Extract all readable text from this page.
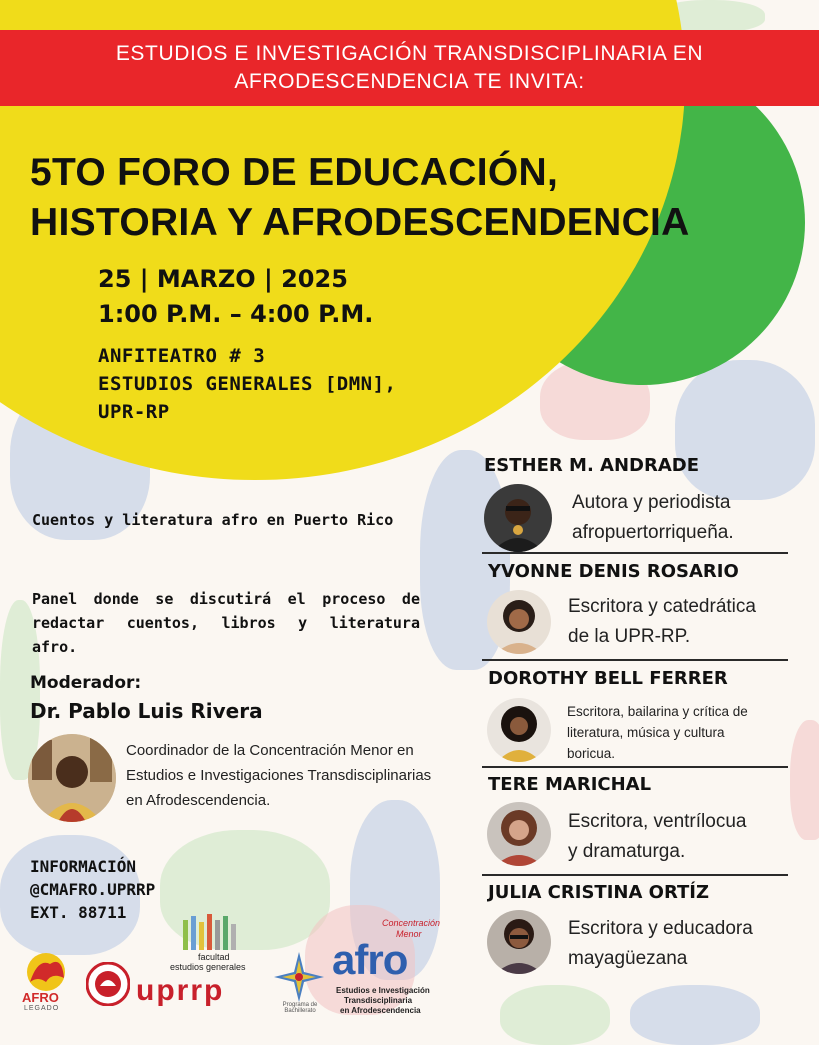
ESTUDIOS E INVESTIGACIÓN TRANSDISCIPLINARIA EN
AFRODESCENDENCIA TE INVITA:
5TO FORO DE EDUCACIÓN,
HISTORIA Y AFRODESCENDENCIA
25 | MARZO | 2025
1:00 P.M. – 4:00 P.M.
ANFITEATRO # 3
ESTUDIOS GENERALES [DMN],
UPR-RP
Cuentos y literatura afro en Puerto Rico
Panel donde se discutirá el proceso de redactar cuentos, libros y literatura afro.
Moderador:
Dr. Pablo Luis Rivera
Coordinador de la Concentración Menor en Estudios e Investigaciones Transdisciplinarias en Afrodescendencia.
INFORMACIÓN
@CMAFRO.UPRRP
EXT. 88711
ESTHER M. ANDRADE
Autora y periodista
afropuertorriqueña.
YVONNE DENIS ROSARIO
Escritora y catedrática
de la UPR-RP.
DOROTHY BELL FERRER
Escritora, bailarina y crítica de
literatura, música y cultura
boricua.
TERE MARICHAL
Escritora, ventrílocua
y dramaturga.
JULIA CRISTINA ORTÍZ
Escritora y educadora
mayagüezana
AFRO
LEGADO
facultad
estudios generales
uprrp	Programa de Bachillerato
Concentración
Menor
afro
Estudios e Investigación
Transdisciplinaria
en Afrodescendencia
